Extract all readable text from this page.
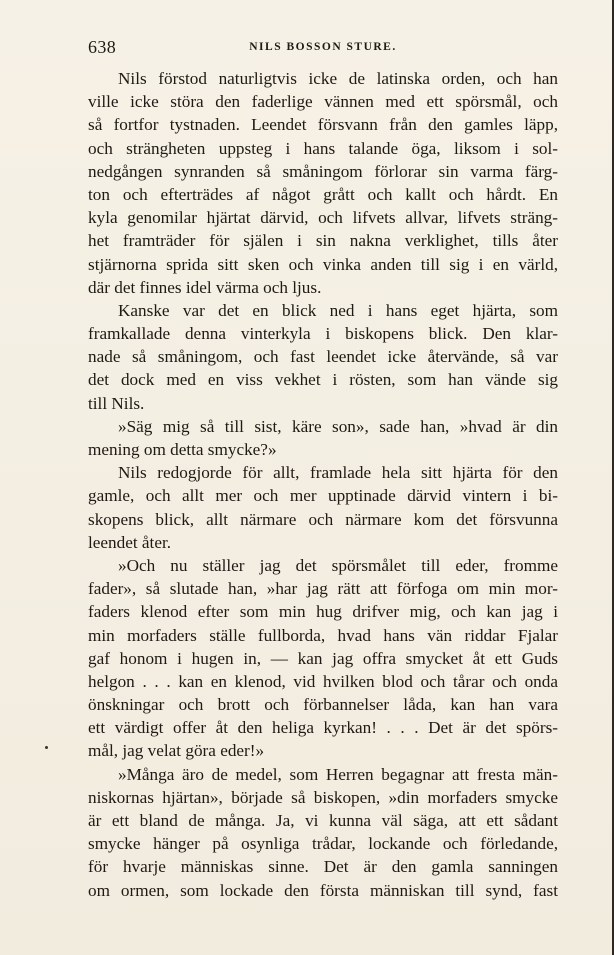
638	NILS BOSSON STURE.
Nils förstod naturligtvis icke de latinska orden, och han
ville icke störa den faderlige vännen med ett spörsmål, och
så fortfor tystnaden. Leendet försvann från den gamles läpp,
och strängheten uppsteg i hans talande öga, liksom i sol-
nedgången synranden så småningom förlorar sin varma färg-
ton och efterträdes af något grått och kallt och hårdt. En
kyla genomilar hjärtat därvid, och lifvets allvar, lifvets sträng-
het framträder för själen i sin nakna verklighet, tills åter
stjärnorna sprida sitt sken och vinka anden till sig i en värld,
där det finnes idel värma och ljus.
Kanske var det en blick ned i hans eget hjärta, som
framkallade denna vinterkyla i biskopens blick. Den klar-
nade så småningom, och fast leendet icke återvände, så var
det dock med en viss vekhet i rösten, som han vände sig
till Nils.
»Säg mig så till sist, käre son», sade han, »hvad är din
mening om detta smycke?»
Nils redogjorde för allt, framlade hela sitt hjärta för den
gamle, och allt mer och mer upptinade därvid vintern i bi-
skopens blick, allt närmare och närmare kom det försvunna
leendet åter.
»Och nu ställer jag det spörsmålet till eder, fromme
fader», så slutade han, »har jag rätt att förfoga om min mor-
faders klenod efter som min hug drifver mig, och kan jag i
min morfaders ställe fullborda, hvad hans vän riddar Fjalar
gaf honom i hugen in, — kan jag offra smycket åt ett Guds
helgon . . . kan en klenod, vid hvilken blod och tårar och onda
önskningar och brott och förbannelser låda, kan han vara
ett värdigt offer åt den heliga kyrkan! . . . Det är det spörs-
mål, jag velat göra eder!»
»Många äro de medel, som Herren begagnar att fresta män-
niskornas hjärtan», började så biskopen, »din morfaders smycke
är ett bland de många. Ja, vi kunna väl säga, att ett sådant
smycke hänger på osynliga trådar, lockande och förledande,
för hvarje människas sinne. Det är den gamla sanningen
om ormen, som lockade den första människan till synd, fast
